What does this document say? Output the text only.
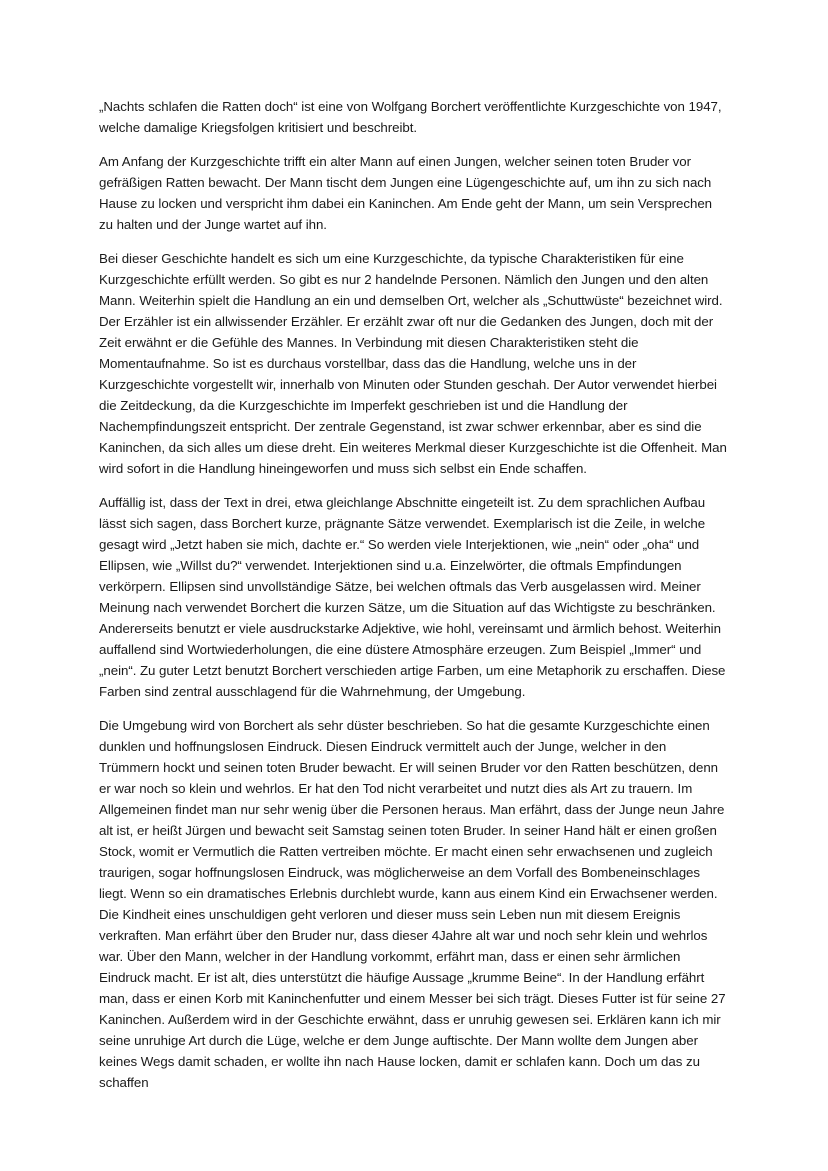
„Nachts schlafen die Ratten doch“ ist eine von Wolfgang Borchert veröffentlichte Kurzgeschichte von 1947, welche damalige Kriegsfolgen kritisiert und beschreibt.

Am Anfang der Kurzgeschichte trifft ein alter Mann auf einen Jungen, welcher seinen toten Bruder vor gefräßigen Ratten bewacht. Der Mann tischt dem Jungen eine Lügengeschichte auf, um ihn zu sich nach Hause zu locken und verspricht ihm dabei ein Kaninchen. Am Ende geht der Mann, um sein Versprechen zu halten und der Junge wartet auf ihn.

Bei dieser Geschichte handelt es sich um eine Kurzgeschichte, da typische Charakteristiken für eine Kurzgeschichte erfüllt werden. So gibt es nur 2 handelnde Personen. Nämlich den Jungen und den alten Mann. Weiterhin spielt die Handlung an ein und demselben Ort, welcher als „Schuttwüste“ bezeichnet wird. Der Erzähler ist ein allwissender Erzähler. Er erzählt zwar oft nur die Gedanken des Jungen, doch mit der Zeit erwähnt er die Gefühle des Mannes. In Verbindung mit diesen Charakteristiken steht die Momentaufnahme. So ist es durchaus vorstellbar, dass das die Handlung, welche uns in der Kurzgeschichte vorgestellt wir, innerhalb von Minuten oder Stunden geschah. Der Autor verwendet hierbei die Zeitdeckung, da die Kurzgeschichte im Imperfekt geschrieben ist und die Handlung der Nachempfindungszeit entspricht. Der zentrale Gegenstand, ist zwar schwer erkennbar, aber es sind die Kaninchen, da sich alles um diese dreht. Ein weiteres Merkmal dieser Kurzgeschichte ist die Offenheit. Man wird sofort in die Handlung hineingeworfen und muss sich selbst ein Ende schaffen.

Auffällig ist, dass der Text in drei, etwa gleichlange Abschnitte eingeteilt ist. Zu dem sprachlichen Aufbau lässt sich sagen, dass Borchert kurze, prägnante Sätze verwendet. Exemplarisch ist die Zeile, in welche gesagt wird „Jetzt haben sie mich, dachte er.“ So werden viele Interjektionen, wie „nein“ oder „oha“ und Ellipsen, wie „Willst du?“ verwendet. Interjektionen sind u.a. Einzelwörter, die oftmals Empfindungen verkörpern. Ellipsen sind unvollständige Sätze, bei welchen oftmals das Verb ausgelassen wird. Meiner Meinung nach verwendet Borchert die kurzen Sätze, um die Situation auf das Wichtigste zu beschränken. Andererseits benutzt er viele ausdruckstarke Adjektive, wie hohl, vereinsamt und ärmlich behost. Weiterhin auffallend sind Wortwiederholungen, die eine düstere Atmosphäre erzeugen. Zum Beispiel „Immer“ und „nein“. Zu guter Letzt benutzt Borchert verschieden artige Farben, um eine Metaphorik zu erschaffen. Diese Farben sind zentral ausschlagend für die Wahrnehmung, der Umgebung.

Die Umgebung wird von Borchert als sehr düster beschrieben. So hat die gesamte Kurzgeschichte einen dunklen und hoffnungslosen Eindruck. Diesen Eindruck vermittelt auch der Junge, welcher in den Trümmern hockt und seinen toten Bruder bewacht. Er will seinen Bruder vor den Ratten beschützen, denn er war noch so klein und wehrlos. Er hat den Tod nicht verarbeitet und nutzt dies als Art zu trauern. Im Allgemeinen findet man nur sehr wenig über die Personen heraus. Man erfährt, dass der Junge neun Jahre alt ist, er heißt Jürgen und bewacht seit Samstag seinen toten Bruder. In seiner Hand hält er einen großen Stock, womit er Vermutlich die Ratten vertreiben möchte. Er macht einen sehr erwachsenen und zugleich traurigen, sogar hoffnungslosen Eindruck, was möglicherweise an dem Vorfall des Bombeneinschlages liegt. Wenn so ein dramatisches Erlebnis durchlebt wurde, kann aus einem Kind ein Erwachsener werden. Die Kindheit eines unschuldigen geht verloren und dieser muss sein Leben nun mit diesem Ereignis verkraften. Man erfährt über den Bruder nur, dass dieser 4Jahre alt war und noch sehr klein und wehrlos war. Über den Mann, welcher in der Handlung vorkommt, erfährt man, dass er einen sehr ärmlichen Eindruck macht. Er ist alt, dies unterstützt die häufige Aussage „krumme Beine“. In der Handlung erfährt man, dass er einen Korb mit Kaninchenfutter und einem Messer bei sich trägt. Dieses Futter ist für seine 27 Kaninchen. Außerdem wird in der Geschichte erwähnt, dass er unruhig gewesen sei. Erklären kann ich mir seine unruhige Art durch die Lüge, welche er dem Junge auftischte. Der Mann wollte dem Jungen aber keines Wegs damit schaden, er wollte ihn nach Hause locken, damit er schlafen kann. Doch um das zu schaffen
